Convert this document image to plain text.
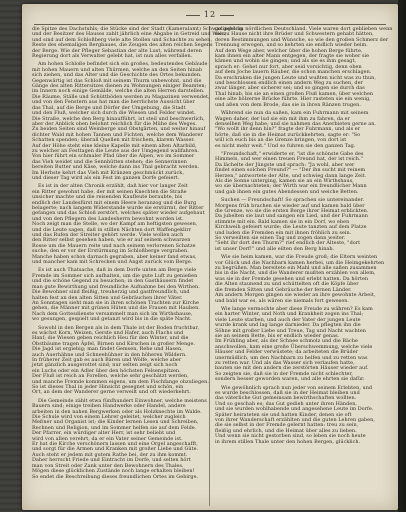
12
die Spitze des Dachstuhls; die Stücke sind der Stadt (Kameralamt) Schwaz gehörig
und der Besitzer des Hauses zahlt jährlich eine Abgabe in Getreid und Wein;
und sind auf dem Schloßberg viele alte Stollen und Schachte zu sehen,
Reste des ehemaligen Bergbaues, die Zeugen des alten reichen Segens
der Berge. Wie der Pfleger Sebastian der alte Lust, während deren
Regierung dort als Verwalter gelebt hat, ist nun alles verfallen.
Am hohen Schloße befindet sich ein großes, bedeutendes Gebäude
mit hohen Mauern und alten Thürmen, welche an den Seiten hinab
sich ziehen, und das Alter und die Geschichte des Ortes bekunden.
Gegenwärtig ist das Schloß mit seinem Thurm unbewohnt, und die
Gänge des alten Rittersitzes dienen zu Wohnungen einiger Beamten;
im Innern noch einige Gemälde, welche die alten Herren darstellen.
Die Räume, Ställe und Schüttböden werden zu Magazinen verwendet,
und von den Fenstern aus hat man die herrlichste Aussicht über
das Thal, auf die Berge und Dörfer der Umgebung, die Stadt
und den Fluß, welcher sich durch die Wiesen und Felder windet.
Die Straße, welche den Berg hinaufführt, ist steil und beschwerlich,
aber der Anblick oben belohnt reichlich für die Mühe des Weges.
Zu beiden Seiten sind Weinberge und Obstgärten, und weiter hinauf
dichter Wald mit hohen Tannen und Fichten, welche dem Wanderer
Schatten spenden; überall Quellen mit frischem, klarem Wasser.
Auf der Höhe steht eine kleine Kapelle mit einem alten Altarbild,
zu welcher an Festtagen die Leute aus der Umgegend wallfahren.
Von hier führt ein schmaler Pfad über die Alpen, wo im Sommer
das Vieh weidet und die Sennhütten stehen; die Sennerinnen
bereiten Butter und Käse, welche dann ins Thal gebracht werden.
Im Herbste kehrt das Vieh mit Kränzen geschmückt zurück,
und dieser Tag wird als ein Fest im ganzen Dorfe gefeiert.
Es ist in der alten Chronik erzählt, daß hier vor langer Zeit
ein Ritter gewohnt habe, der mit seinen Knechten die Straße
unsicher machte und die reisenden Kaufleute beraubte, bis
endlich der Landesfürst mit einem Heere heranzog und die Burg
belagerte; nach langem Widerstande wurde sie erstürmt, der Ritter
gefangen und das Schloß zerstört, welches später wieder aufgebaut
und von den Pflegern des Landesherrn bewohnt worden ist.
Noch zeigt man die Stelle, wo der Kampf am heftigsten gewesen,
und die Leute sagen, daß in stillen Nächten dort Waffengeklirr
und das Rufen der Streiter gehört werde. Viele wollen auch
den Ritter selbst gesehen haben, wie er auf seinem schwarzen
Rosse um die Mauern reite und nach seinem verlorenen Schatze
suche, den er vor der Erstürmung im Schloßberge vergraben.
Manche haben schon darnach gegraben, aber keiner fand etwas,
und mancher kam mit Schrecken und Angst zurück vom Berge.
Es ist auch Thatsache, daß in dem Dorfe unten am Berge viele
Fremde im Sommer sich aufhalten, um die gute Luft zu genießen
und die schöne Gegend zu besuchen; in den Gasthäusern findet
man gute Bewirthung und freundliche Aufnahme bei den Wirthen.
Die Bewohner sind fleißig, treuherzig und gastfreundlich, und
halten fest an den alten Sitten und Gebräuchen ihrer Väter.
An Sonntagen sieht man sie in ihren schönen Trachten zur Kirche
gehen, die Männer mit grünen Hüten und die Frauen mit Hauben.
Nach dem Gottesdienste versammelt man sich im Wirthshause,
wo gesungen, gespielt und getanzt wird bis in die späte Nacht.
Sowohl in den Bergen als in dem Thale ist der Boden fruchtbar,
es wächst Korn, Weizen, Gerste und Hafer, auch Flachs und
Hanf; die Wiesen geben reichlich Heu für den Winter, und die
Obstbäume tragen Äpfel, Birnen und Kirschen in großer Menge.
Die Jagd ist ergiebig; man findet Gemsen, Rehe und Hasen,
auch Auerhähne und Schneehühner in den höheren Wäldern.
In früherer Zeit gab es auch Bären und Wölfe, welche aber
jetzt gänzlich ausgerottet sind; nur selten zeigt sich noch
ein Luchs oder ein Adler über den höchsten Felsenspitzen.
Der Fluß ist reich an Forellen, welche sehr geschätzt werden,
und manche Fremde kommen eigens, um dem Fischfange obzuliegen.
So ist dieses Thal in jeder Hinsicht gesegnet und schön, ein
Ort, an dem der Wanderer gerne verweilt und oft wiederkehrt.
Die Gemeinde zählt etwa fünfhundert Einwohner, welche meistens
Bauern sind; einige treiben Handwerke oder Handel, andere
arbeiten in den nahen Bergwerken oder als Holzknechte im Walde.
Die Schule wird von einem Lehrer geleitet, welcher zugleich
Meßner und Organist ist; die Kinder lernen Lesen und Schreiben,
Rechnen und Religion, und im Sommer helfen sie auf dem Felde.
Der Pfarrer, ein würdiger alter Herr, ist sehr beliebt und
wird von allen verehrt, da er ein Vater seiner Gemeinde ist.
Er hat die Kirche verschönern lassen und eine Orgel angeschafft,
und sorgt für die Armen und Kranken mit großer Liebe und Güte.
Auch steht er jedem mit gutem Rathe bei, der zu ihm kommt.
Daher herrscht Friede und Eintracht im Dorfe, und selten hört
man von Streit oder Zank unter den Bewohnern des Thales.
Mögen diese glücklichen Zustände noch lange erhalten bleiben!
So endet die Beschreibung dieses freundlichen Ortes im Gebirge.
gelinget im nördlichen Deutschland. Viele waren dort geblieben wenn
sie zu Hause nicht ihre Brüder und Schwestern gehabt hätten,
deren Bestimmungen und Wünsche, so wie den großen Schmerz der
Trennung erwogen, und so kehrten sie endlich wieder heim.
Auf dem Wege aber, welcher über die hohen Berge führte,
kam ihnen ein alter Mann entgegen, der fragte sie woher sie
kämen und wohin sie gingen; und als sie es ihm gesagt,
sprach er: Gehet nur fort, aber seid vorsichtig, denn oben
auf dem Joche lauern Räuber, die schon manchen erschlagen.
Da erschraken die jungen Leute und wußten nicht was zu thun,
und beschlossen endlich einen andern Weg zu suchen, der
zwar länger, aber sicherer sei; und so gingen sie durch das
Thal hinab, bis sie an einen großen Fluß kamen, über welchen
eine alte hölzerne Brücke führte. Hier rasteten sie ein wenig,
und aßen von dem Brode, das sie in ihren Ränzen trugen.
Während sie nun da saßen, kam ein Fuhrmann mit seinem
Wagen daher, der lud sie ein mit ihm zu fahren, da er
denselben Weg habe; und sie nahmen das Anerbieten gerne an.
"Wo wollt ihr denn hin?" fragte der Fuhrmann, und als er
hörte, daß sie in die Heimat zurückkehrten, sagte er: "So
will ich euch bis an die Grenze bringen, von dort ist
es nicht mehr weit." Und so fuhren sie den ganzen Tag.
"Freundschaft," erwiderte er, "ist die schönste Gabe des
Himmels, und wer einen treuen Freund hat, der ist reich."
Da lächelte der Jüngste und sprach: "Ja wohl, aber wer
findet einen solchen Freund?" — "Der ihn sucht mit reinem
Herzen," antwortete der Alte, und schwieg dann lange Zeit.
Als die Sonne unterging, kamen sie an ein Wirthshaus,
wo sie übernachteten; der Wirth war ein freundlicher Mann
und gab ihnen ein gutes Abendessen und weiche Betten.
Suchen — Freundschaft! So sprachen sie untereinander.
Morgens früh brachen sie wieder auf und kamen bald über
die Grenze, wo sie die ersten Berge ihrer Heimat erblickten.
Da jubelten sie laut und sangen ein Lied, und der Fuhrmann
stimmte mit ein. Bald kamen sie in ein Dorf, wo eben
Kirchweih gefeiert wurde; die Leute tanzten auf dem Platze
und luden die Fremden ein mit ihnen fröhlich zu sein.
So verweilten sie einen Tag und zogen dann weiter.
"Seht ihr dort den Thurm?" rief endlich der Älteste, "dort
ist unser Dorf!" und alle eilten den Berg hinab.
Wie sie heim kamen, war die Freude groß; die Eltern weinten
vor Glück und die Nachbarn kamen herbei, um die Heimgekehrten
zu begrüßen. Man bereitete ein Mahl und alle saßen zusammen
bis in die Nacht, und die Wanderer mußten erzählen von allem,
was sie in der Fremde gesehen und erlebt hatten. Da hörten
die Alten staunend zu und schüttelten oft die Köpfe über
die fremden Sitten und Gebräuche der fernen Länder.
Am andern Morgen gingen sie wieder an ihre gewohnte Arbeit,
und bald war es, als wären sie niemals fort gewesen.
Wie lange vermochte aber diese Freude zu währen? Es kam
ein harter Winter, und Noth und Krankheit zogen ins Thal;
viele Leute starben, und auch der Vater der jungen Leute
wurde krank und lag lange darnieder. Da pflegten ihn die
Söhne mit großer Liebe und Treue, Tag und Nacht wachten
sie an seinem Bette, bis er endlich wieder genas.
Im Frühling aber, als der Schnee schmolz und die Bäche
anschwollen, kam eine große Überschwemmung, welche viele
Häuser und Felder verwüstete; da arbeiteten die Brüder
unermüdlich, um den Nachbarn zu helfen und zu retten was
zu retten war. Und als das Wasser sich verlaufen hatte,
bauten sie mit den andern die zerstörten Häuser wieder auf.
So zeigten sie, daß sie in der Fremde nicht schlechter,
sondern besser geworden waren, und alle ehrten sie dafür.
Wie gewöhnlich sprach nun jeder von seinem Erlebten, und
es wurde beschlossen, daß sie in der Heimat bleiben und
das väterliche Gut gemeinsam bewirthschaften wollten.
Und so geschah es; das Gut gedieh unter ihren Händen,
und sie wurden wohlhabende und angesehene Leute im Dorfe.
Später heirateten sie und hatten Kinder, denen sie oft
von ihrer Wanderschaft erzählten und die guten Lehren gaben,
die sie selbst in der Fremde gelernt hatten: treu zu sein,
fleißig und ehrlich, und die Heimat über alles zu lieben.
Und wenn sie nicht gestorben sind, so leben sie noch heute
in ihrem stillen Thale unter den hohen Bergen, glücklich.
